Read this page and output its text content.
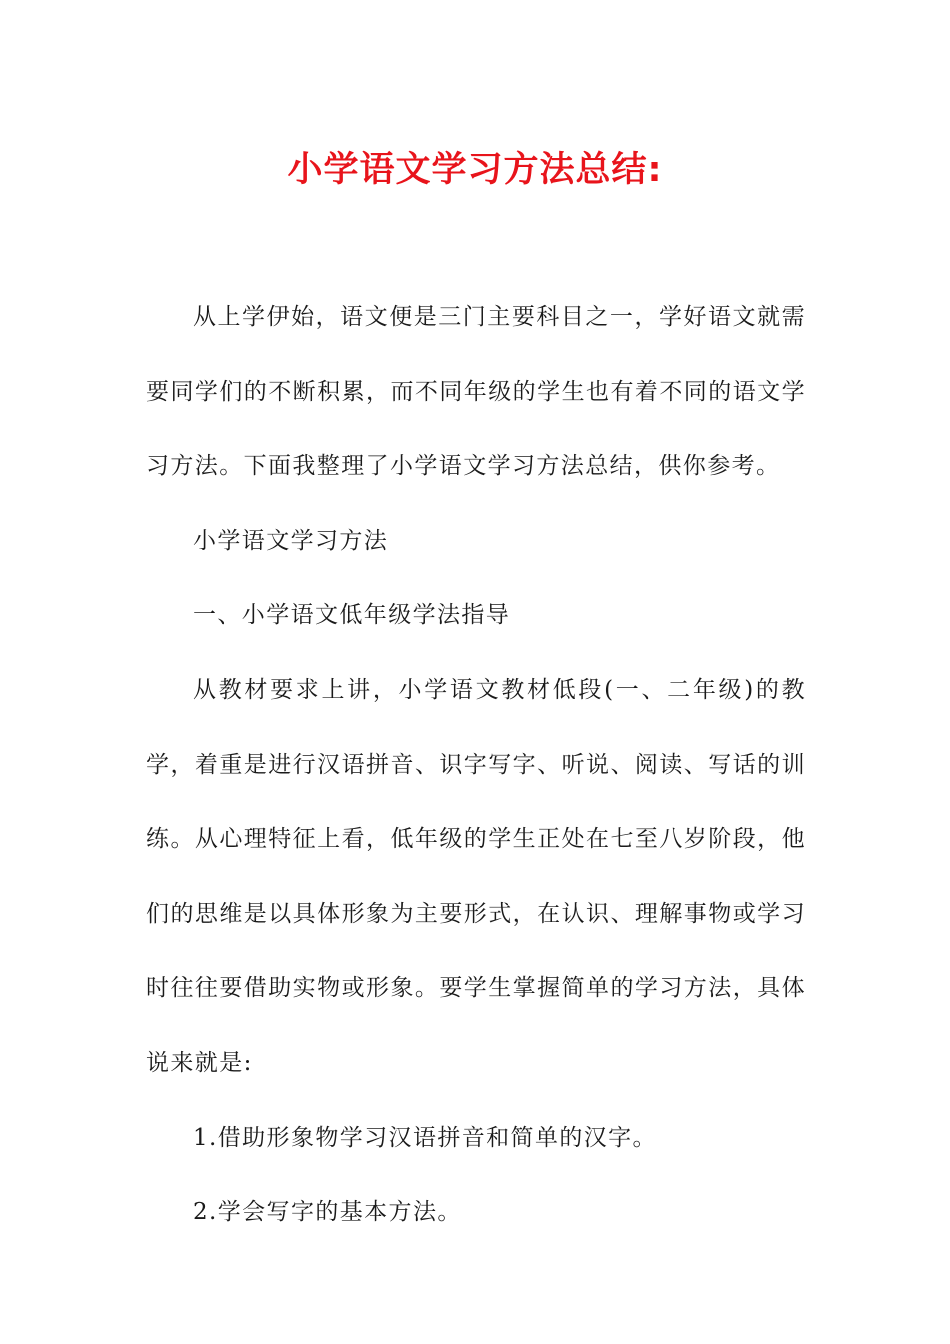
小学语文学习方法总结:

从上学伊始，语文便是三门主要科目之一，学好语文就需要同学们的不断积累，而不同年级的学生也有着不同的语文学习方法。下面我整理了小学语文学习方法总结，供你参考。

小学语文学习方法

一、小学语文低年级学法指导

从教材要求上讲，小学语文教材低段(一、二年级)的教学，着重是进行汉语拼音、识字写字、听说、阅读、写话的训练。从心理特征上看，低年级的学生正处在七至八岁阶段，他们的思维是以具体形象为主要形式，在认识、理解事物或学习时往往要借助实物或形象。要学生掌握简单的学习方法，具体说来就是:

1.借助形象物学习汉语拼音和简单的汉字。

2.学会写字的基本方法。
